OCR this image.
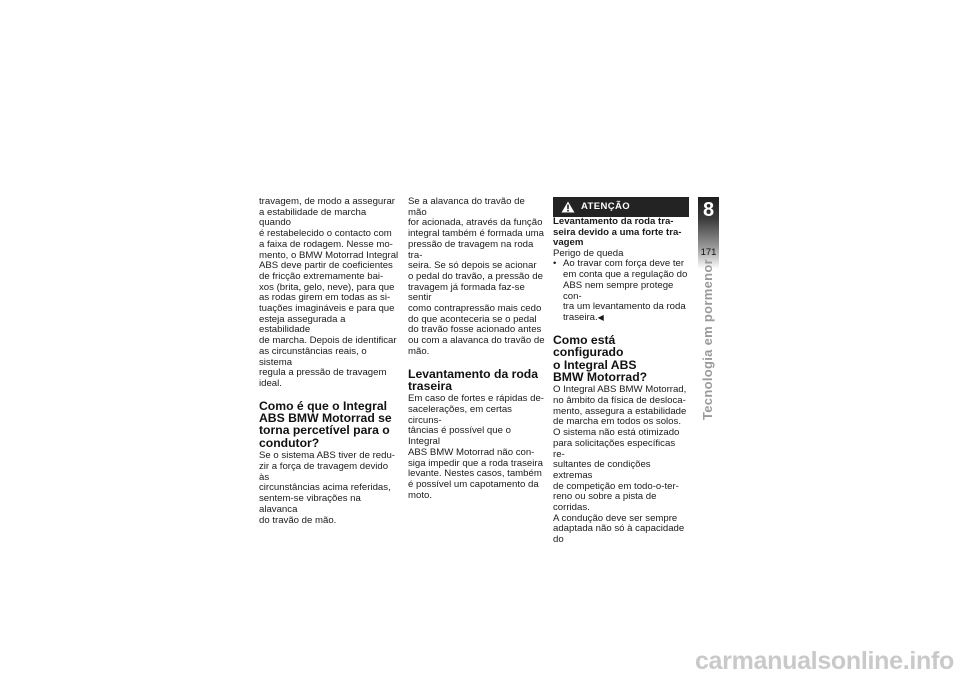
travagem, de modo a assegurar
a estabilidade de marcha quando
é restabelecido o contacto com
a faixa de rodagem. Nesse mo-
mento, o BMW Motorrad Integral
ABS deve partir de coeficientes
de fricção extremamente bai-
xos (brita, gelo, neve), para que
as rodas girem em todas as si-
tuações imagináveis e para que
esteja assegurada a estabilidade
de marcha. Depois de identificar
as circunstâncias reais, o sistema
regula a pressão de travagem
ideal.

Como é que o Integral
ABS BMW Motorrad se
torna percetível para o
condutor?

Se o sistema ABS tiver de redu-
zir a força de travagem devido às
circunstâncias acima referidas,
sentem-se vibrações na alavanca
do travão de mão.

Se a alavanca do travão de mão
for acionada, através da função
integral também é formada uma
pressão de travagem na roda tra-
seira. Se só depois se acionar
o pedal do travão, a pressão de
travagem já formada faz-se sentir
como contrapressão mais cedo
do que aconteceria se o pedal
do travão fosse acionado antes
ou com a alavanca do travão de
mão.

Levantamento da roda
traseira

Em caso de fortes e rápidas de-
sacelerações, em certas circuns-
tâncias é possível que o Integral
ABS BMW Motorrad não con-
siga impedir que a roda traseira
levante. Nestes casos, também
é possível um capotamento da
moto.

ATENÇÃO

Levantamento da roda tra-
seira devido a uma forte tra-
vagem

Perigo de queda

• Ao travar com força deve ter
em conta que a regulação do
ABS nem sempre protege con-
tra um levantamento da roda
traseira.◀
Como está configurado
o Integral ABS
BMW Motorrad?

O Integral ABS BMW Motorrad,
no âmbito da física de desloca-
mento, assegura a estabilidade
de marcha em todos os solos.
O sistema não está otimizado
para solicitações específicas re-
sultantes de condições extremas
de competição em todo-o-ter-
reno ou sobre a pista de corridas.
A condução deve ser sempre
adaptada não só à capacidade do

8
171
Tecnologia em pormenor
carmanualsonline.info
